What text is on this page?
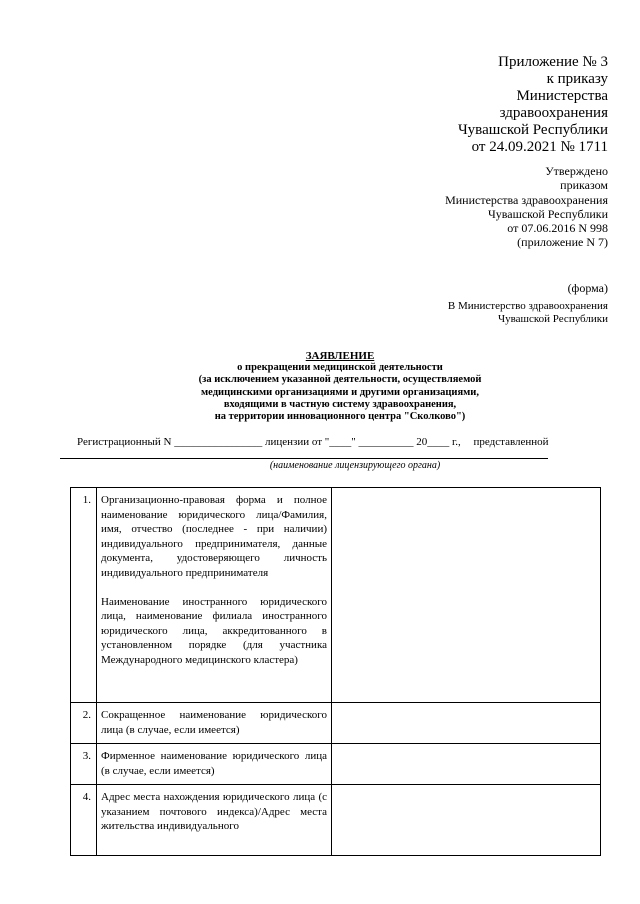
Приложение № 3
к приказу
Министерства
здравоохранения
Чувашской Республики
от 24.09.2021 № 1711
Утверждено
приказом
Министерства здравоохранения
Чувашской Республики
от 07.06.2016 N 998
(приложение N 7)
(форма)
В Министерство здравоохранения
Чувашской Республики
ЗАЯВЛЕНИЕ
о прекращении медицинской деятельности
(за исключением указанной деятельности, осуществляемой
медицинскими организациями и другими организациями,
входящими в частную систему здравоохранения,
на территории инновационного центра "Сколково")
Регистрационный N ________________ лицензии от "____" __________ 20____ г., представленной
(наименование лицензирующего органа)
1.	Организационно-правовая форма и полное наименование юридического лица/Фамилия, имя, отчество (последнее - при наличии) индивидуального предпринимателя, данные документа, удостоверяющего личность индивидуального предпринимателя
Наименование иностранного юридического лица, наименование филиала иностранного юридического лица, аккредитованного в установленном порядке (для участника Международного медицинского кластера)	

2.	Сокращенное наименование юридического лица (в случае, если имеется)	
3.	Фирменное наименование юридического лица (в случае, если имеется)	
4.	Адрес места нахождения юридического лица (с указанием почтового индекса)/Адрес места жительства индивидуального	
